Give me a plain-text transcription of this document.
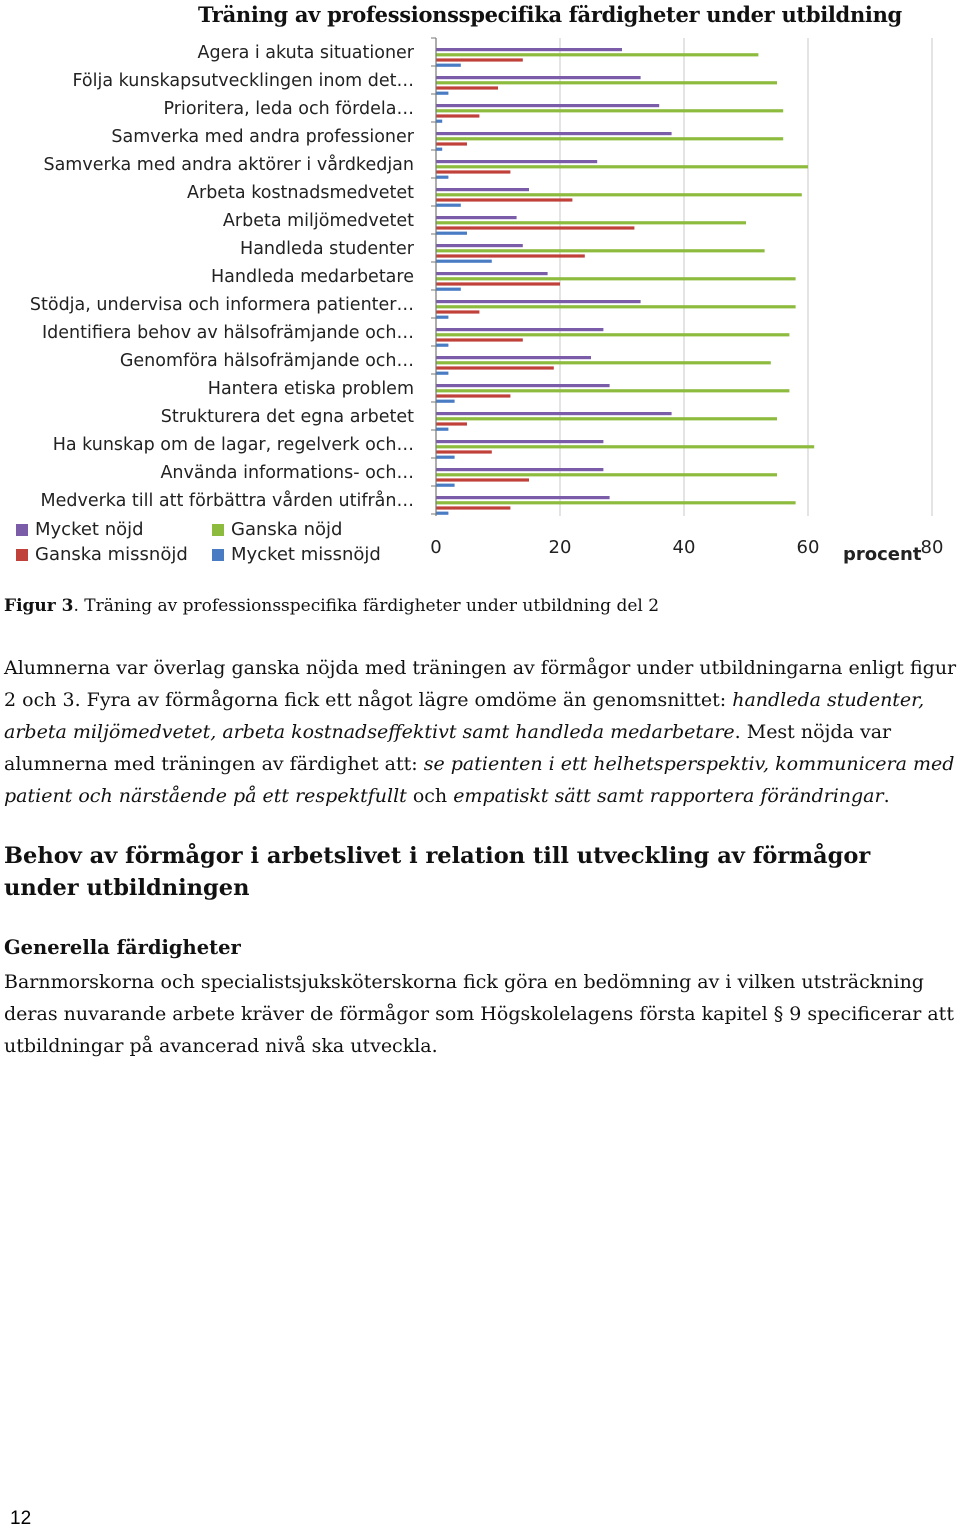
Träning av professionsspecifika färdigheter under utbildning
Agera i akuta situationer
Följa kunskapsutvecklingen inom det…
Prioritera, leda och fördela…
Samverka med andra professioner
Samverka med andra aktörer i vårdkedjan
Arbeta kostnadsmedvetet
Arbeta miljömedvetet
Handleda studenter
Handleda medarbetare
Stödja, undervisa och informera patienter…
Identifiera behov av hälsofrämjande och…
Genomföra hälsofrämjande och…
Hantera etiska problem
Strukturera det egna arbetet
Ha kunskap om de lagar, regelverk och…
Använda informations- och…
Medverka till att förbättra vården utifrån…
0	20	40	60	80
procent
Mycket nöjd	Ganska nöjd
Ganska missnöjd Mycket missnöjd
Figur 3. Träning av professionsspecifika färdigheter under utbildning del 2

Alumnerna var överlag ganska nöjda med träningen av förmågor under utbildningarna enligt figur 2 och 3. Fyra av förmågorna fick ett något lägre omdöme än genomsnittet: handleda studenter, arbeta miljömedvetet, arbeta kostnadseffektivt samt handleda medarbetare. Mest nöjda var alumnerna med träningen av färdighet att: se patienten i ett helhetsperspektiv, kommunicera med patient och närstående på ett respektfullt och empatiskt sätt samt rapportera förändringar.

Behov av förmågor i arbetslivet i relation till utveckling av förmågor under utbildningen
Generella färdigheter

Barnmorskorna och specialistsjuksköterskorna fick göra en bedömning av i vilken utsträckning deras nuvarande arbete kräver de förmågor som Högskolelagens första kapitel § 9 specificerar att utbildningar på avancerad nivå ska utveckla.

12
